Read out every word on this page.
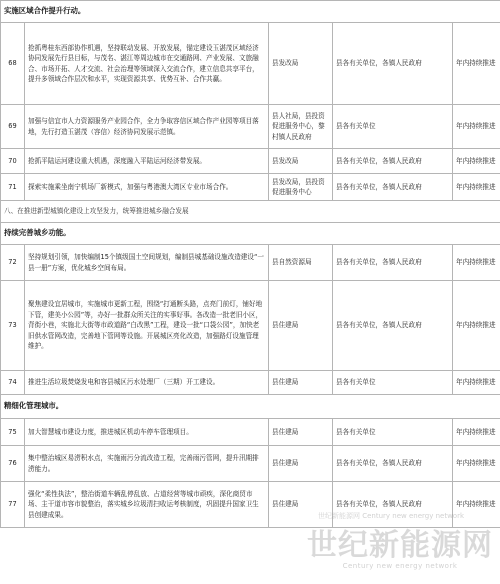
实施区域合作提升行动。				
68	抢抓粤桂东西部协作机遇，坚持联动发展、开放发展，锚定建设玉湛茂区域经济协同发展先行县目标，与茂名、湛江等周边城市在交通路网、产业发展、文旅融合、市场开拓、人才交流、社会治理等领域深入交流合作，建立信息共享平台，提升多领域合作层次和水平，实现资源共享、优势互补、合作共赢。	县发改局	县各有关单位，各镇人民政府	年内持续推进
69	加强与信宜市人力资源服务产业园合作，全力争取容信区域合作产业园等项目落地，先行打造玉湛茂（容信）经济协同发展示范镇。	县人社局，县投资促进服务中心，黎村镇人民政府	县各有关单位	年内持续推进
70	抢抓平陆运河建设重大机遇，深度融入平陆运河经济带发展。	县发改局	县各有关单位，各镇人民政府	年内持续推进
71	探索实施乘坐南宁机场厂新模式，加强与粤港澳大湾区专业市场合作。	县发改局，县投资促进服务中心	县各有关单位，各镇人民政府	年内持续推进
八、在推进新型城镇化建设上攻坚发力，统筹推进城乡融合发展				
持续完善城乡功能。				
72	坚持规划引领，加快编制15个镇级国土空间规划，编制县城基础设施改造建设“一县一册”方案，优化城乡空间布局。	县自然资源局	县各有关单位，各镇人民政府	年内持续推进
73	聚焦建设宜居城市，实施城市更新工程，围绕“打通断头路，点亮门前灯，铺好地下管，建美小公园”等，办好一批群众所关注的实事好事。各改造一批老旧小区，背街小巷，实施北大街等市政道路“白改黑”工程，建设一批“口袋公园”，加快老旧供水管网改造，完善地下管网等设施。开展城区亮化改造，加强路灯设施管理维护。	县住建局	县各有关单位，各镇人民政府	年内持续推进
74	推进生活垃圾焚烧发电和容县城区污水处理厂（三期）开工建设。	县住建局	县各有关单位	年内持续推进
精细化管理城市。				
75	加大智慧城市建设力度，推进城区机动车停车管理项目。	县住建局	县各有关单位	年内持续推进
76	集中整治城区易涝积水点，实施雨污分流改造工程，完善雨污管网，提升汛期排涝能力。	县住建局	县各有关单位，各镇人民政府	年内持续推进
77	强化“柔性执法”，整治街道车辆乱停乱放、占道经营等城市顽疾，深化商贸市场、主干道市容市貌整治，落实城乡垃圾清扫收运考核制度，巩固提升国家卫生县创建成果。	县住建局	县各有关单位，各镇人民政府	年内持续推进
世纪新能源网 Century new energy network
世纪新能源网
Century new energy network
